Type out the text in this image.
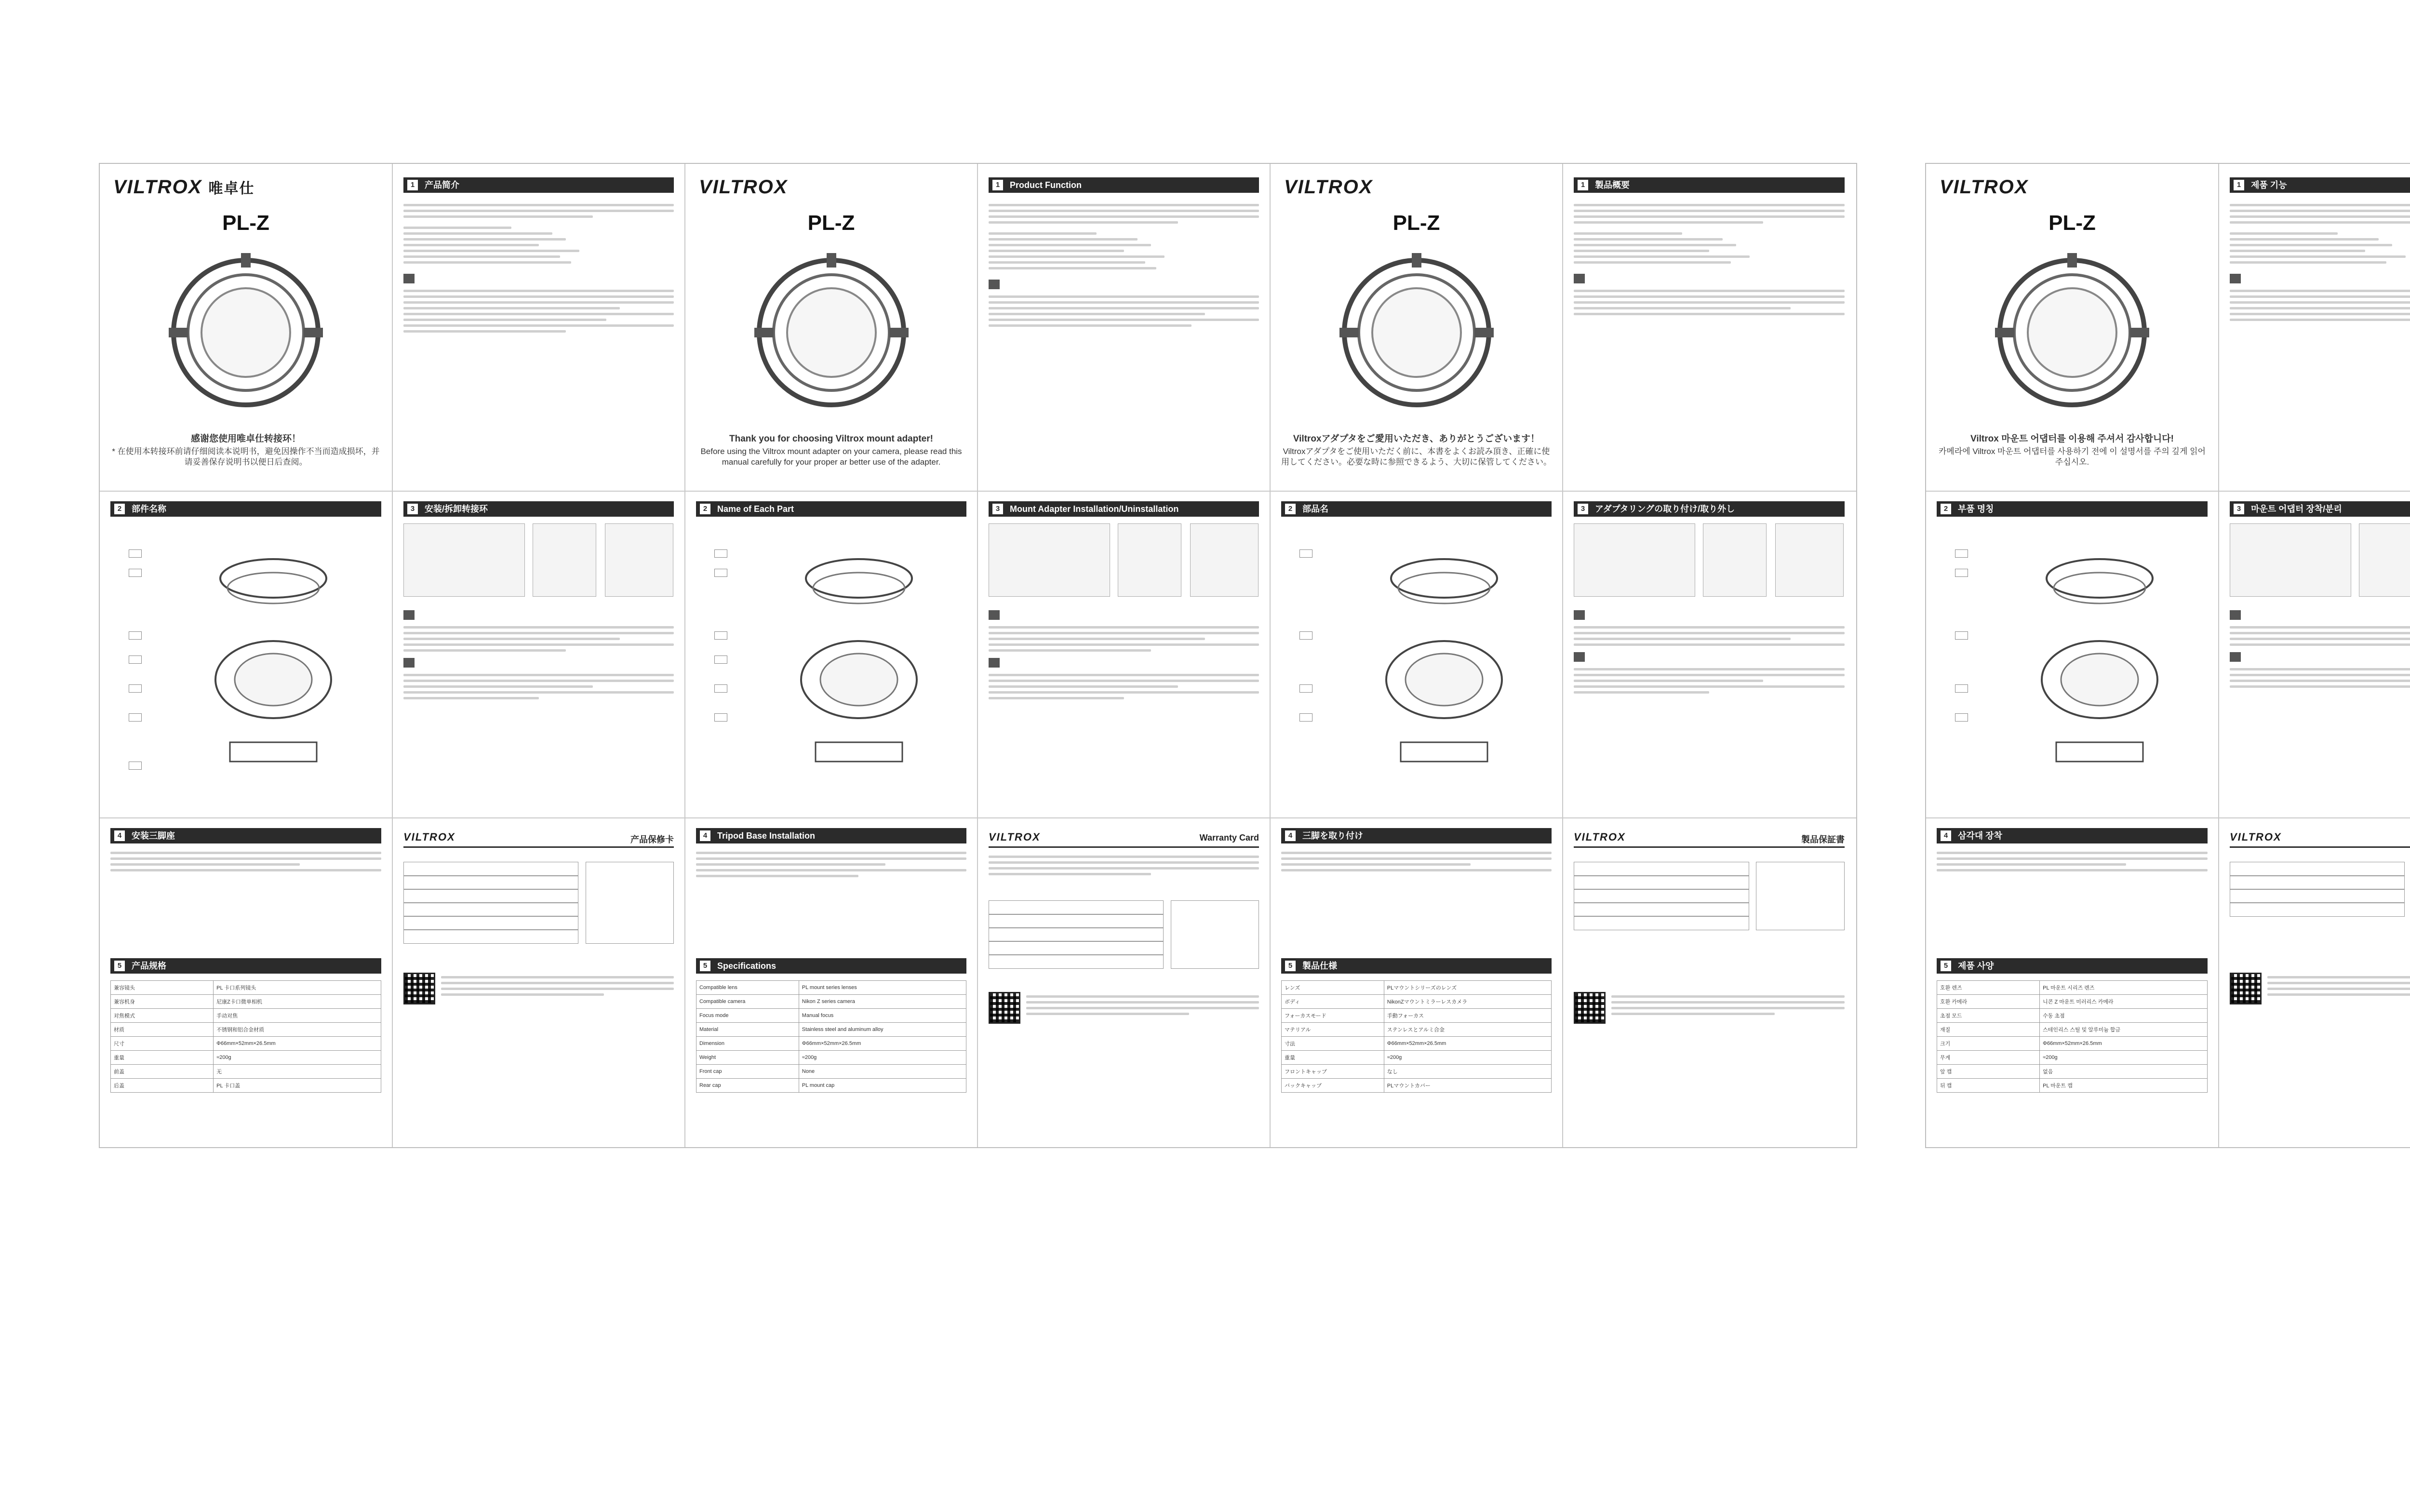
VILTROX 唯卓仕
PL-Z
感谢您使用唯卓仕转接环！
* 在使用本转接环前请仔细阅读本说明书，避免因操作不当而造成损坏，并请妥善保存说明书以便日后查阅。
1	产品简介
	VILTROX
PL-Z
Thank you for choosing Viltrox mount adapter!
Before using the Viltrox mount adapter on your camera, please read this manual carefully for your proper ar better use of the adapter.
1	Product Function
	VILTROX
PL-Z
Viltroxアダプタをご愛用いただき、ありがとうございます！
Viltroxアダプタをご使用いただく前に、本書をよくお読み頂き、正確に使用してください。必要な時に参照できるよう、大切に保管してください。
1	製品概要

2	部件名称

	3	安装/拆卸转接环

	2	Name of Each Part

	3	Mount Adapter Installation/Uninstallation

	2	部品名

	3	アダプタリングの取り付け/取り外し

4	安装三脚座
5	产品规格
兼容镜头	PL 卡口系列镜头
兼容机身	尼康Z卡口微单相机
对焦模式	手动对焦
材质	不锈钢和铝合金材质
尺寸	Φ66mm×52mm×26.5mm
重量	≈200g
前盖	无
后盖	PL 卡口盖
VILTROX	产品保修卡	4	Tripod Base Installation
5	Specifications
Compatible lens	PL mount series lenses
Compatible camera	Nikon Z series camera
Focus mode	Manual focus
Material	Stainless steel and aluminum alloy
Dimension	Φ66mm×52mm×26.5mm
Weight	≈200g
Front cap	None
Rear cap	PL mount cap
VILTROX	Warranty Card	4	三脚を取り付け
5	製品仕様
レンズ	PLマウントシリーズのレンズ
ボディ	NikonZマウントミラーレスカメラ
フォーカスモード	手動フォーカス
マテリアル	ステンレスとアルミ合金
寸法	Φ66mm×52mm×26.5mm
重量	≈200g
フロントキャップ	なし
バックキャップ	PLマウントカバー
VILTROX	製品保証書
VILTROX
PL-Z
Viltrox 마운트 어댑터를 이용해 주셔서 감사합니다!
카메라에 Viltrox 마운트 어댑터를 사용하기 전에 이 설명서를 주의 깊게 읽어 주십시오.
1	제품 기능

2	부품 명칭

	3	마운트 어댑터 장착/분리

4	삼각대 장착
5	제품 사양
호환 렌즈	PL 마운트 시리즈 렌즈
호환 카메라	니콘 Z 마운트 미러리스 카메라
초점 모드	수동 초점
재질	스테인리스 스틸 및 알루미늄 합금
크기	Φ66mm×52mm×26.5mm
무게	≈200g
앞 캡	없음
뒤 캡	PL 마운트 캡
VILTROX
